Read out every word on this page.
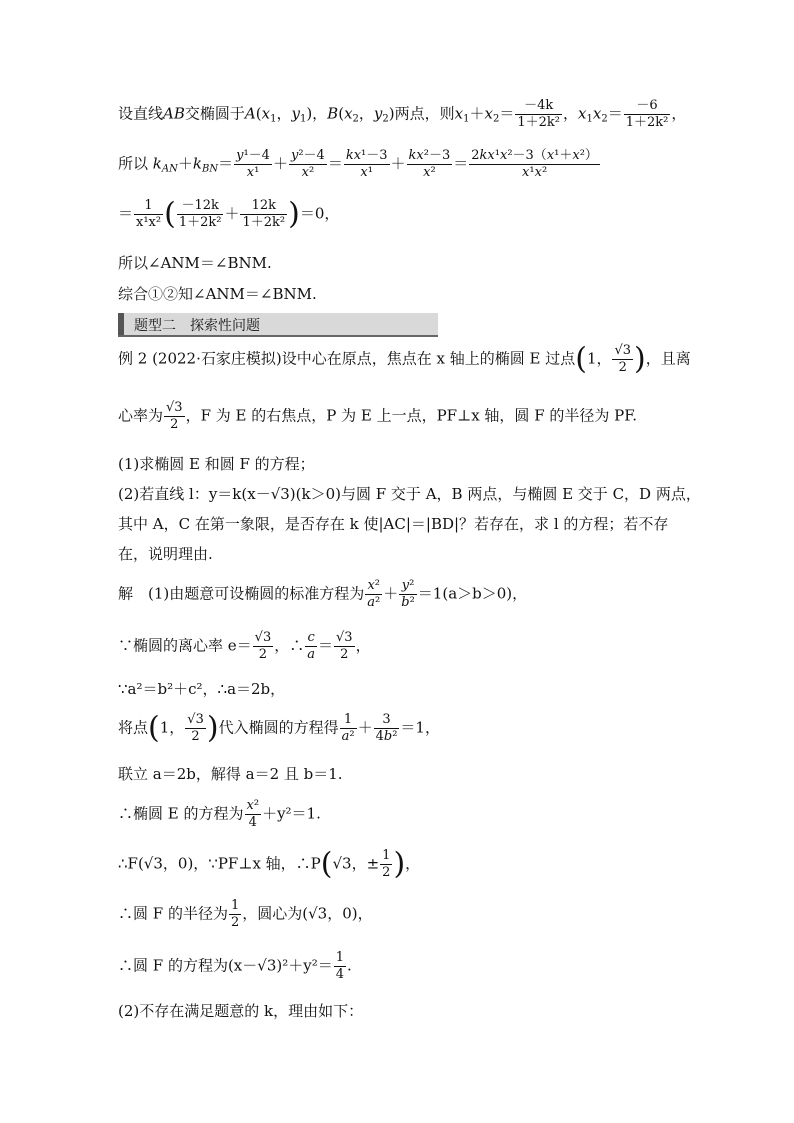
设直线AB交椭圆于$A(x_1$，$y_1$)，$B(x_2$，$y_2$)两点，则$x_1+x_2= \frac{-4k}{\text{1＋2k²}}$ ，$x_1x_2= \frac{-6}{\text{1＋2k²}}$ ，
所以 $k_{AN}+k_{BN}= \frac{\text{y¹－4}}{\text{x¹}} + \frac{\text{y²－4}}{\text{x²}} = \frac{\text{kx¹－3}}{\text{x¹}} + \frac{\text{kx²－3}}{\text{x²}} = \frac{\text{2kx¹x²－3（x¹＋x²）}}{\text{x¹x²}}$
＝ $\frac{1}{\text{x¹x²}}$ ( $\frac{-12k}{\text{1＋2k²}} + \frac{12k}{\text{1＋2k²}} )=0$，
所以∠ANM＝∠BNM.
综合①②知∠ANM＝∠BNM.
题型二　探索性问题
例 2 (2022·石家庄模拟)设中心在原点，焦点在 x 轴上的椭圆 E 过点(1， $\frac{√3}{2}$ )，且离
心率为 $\frac{√3}{2}$ ，F 为 E 的右焦点，P 为 E 上一点，PF⊥x 轴，圆 F 的半径为 PF.
(1)求椭圆 E 和圆 F 的方程；
(2)若直线 l：y＝k(x－√3)(k＞0)与圆 F 交于 A，B 两点，与椭圆 E 交于 C，D 两点，
其中 A，C 在第一象限，是否存在 k 使|AC|＝|BD|？若存在，求 l 的方程；若不存
在，说明理由.
解　(1)由题意可设椭圆的标准方程为 $\frac{\text{x²}}{\text{a²}} + \frac{\text{y²}}{\text{b²}} =1(a>b>0)$，
∵椭圆的离心率 $e= \frac{√3}{2}$ ，∴ $\frac{c}{a} = \frac{√3}{2}$ ，
∵a²＝b²＋c²，∴a＝2b，
将点(1， $\frac{√3}{2}$ )代入椭圆的方程得 $\frac{1}{\text{a²}} + \frac{3}{\text{4b²}} =1$，
联立 a＝2b，解得 a＝2 且 b＝1.
∴椭圆 E 的方程为 $\frac{\text{x²}}{4} +y^2=1$.
∴F(√3，0)，∵PF⊥x 轴，∴P(√3，± $\frac{1}{2}$ )，
∴圆 F 的半径为 $\frac{1}{2}$ ，圆心为(√3，0)，
∴圆 F 的方程为$(x-√3)^2+y^2= \frac{1}{4}$ .
(2)不存在满足题意的 k，理由如下：
